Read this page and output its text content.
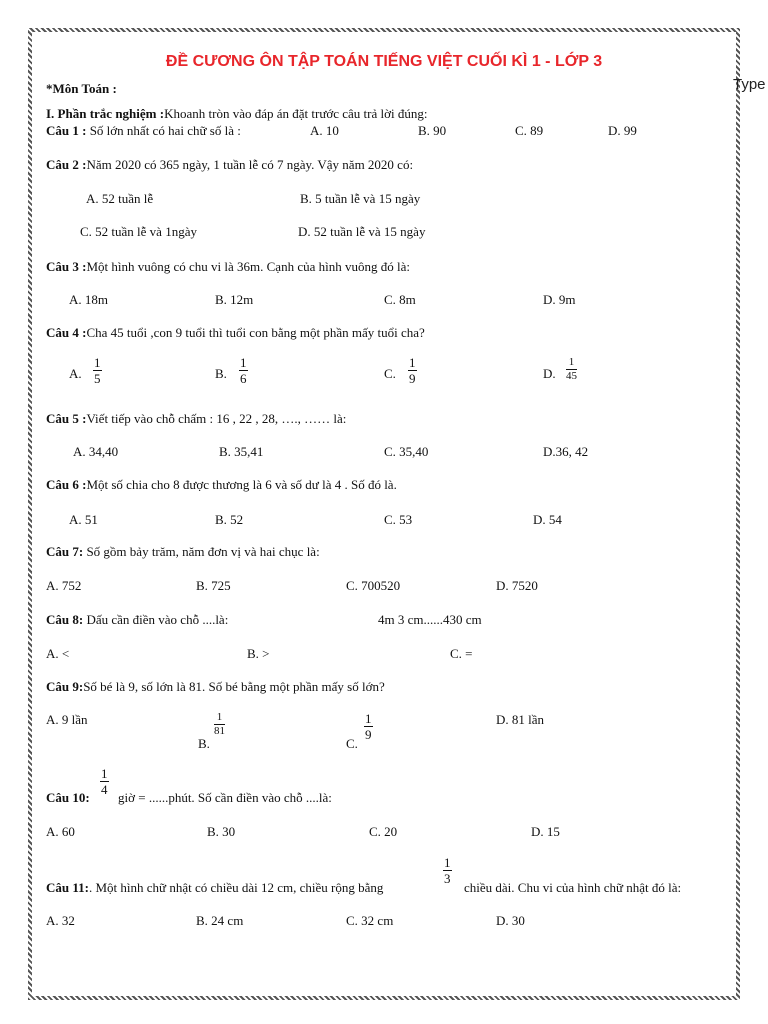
Type
ĐỀ CƯƠNG ÔN TẬP TOÁN TIẾNG VIỆT CUỐI KÌ 1 - LỚP 3
*Môn Toán :
I. Phần trắc nghiệm :Khoanh tròn vào đáp án đặt trước câu trả lời đúng:
Câu 1 : Số lớn nhất có hai chữ số là :	A. 10	B. 90	C. 89	D. 99
Câu 2 :Năm 2020 có 365 ngày, 1 tuần lễ có 7 ngày. Vậy năm 2020 có:
A. 52 tuần lễ	B. 5 tuần lễ và 15 ngày
C. 52 tuần lễ và 1ngày	D. 52 tuần lễ và 15 ngày
Câu 3 :Một hình vuông có chu vi là 36m. Cạnh của hình vuông đó là:
A. 18m	B. 12m	C. 8m	D. 9m
Câu 4 :Cha 45 tuổi ,con 9 tuổi thì tuổi con bằng một phần mấy tuổi cha?
A.
1
5	B.
1
6	C.
1
9	D.
1
45
Câu 5 :Viết tiếp vào chỗ chấm : 16 , 22 , 28, …., …… là:
A. 34,40	B. 35,41	C. 35,40	D.36, 42
Câu 6 :Một số chia cho 8 được thương là 6 và số dư là 4 . Số đó là.
A. 51	B. 52	C. 53	D. 54
Câu 7: Số gồm bảy trăm, năm đơn vị và hai chục là:
A. 752	B. 725	C. 700520	D. 7520
Câu 8: Dấu cần điền vào chỗ ....là:	4m 3 cm......430 cm
A. <	B. >	C. =
Câu 9:Số bé là 9, số lớn là 81. Số bé bằng một phần mấy số lớn?
A. 9 lần
B.
1
81
C.
1
9
D. 81 lần
Câu 10:
1
4
giờ = ......phút. Số cần điền vào chỗ ....là:
A. 60	B. 30	C. 20	D. 15
Câu 11:. Một hình chữ nhật có chiều dài 12 cm, chiều rộng bằng
1
3
chiều dài. Chu vi của hình chữ nhật đó là:
A. 32	B. 24 cm	C. 32 cm	D. 30
